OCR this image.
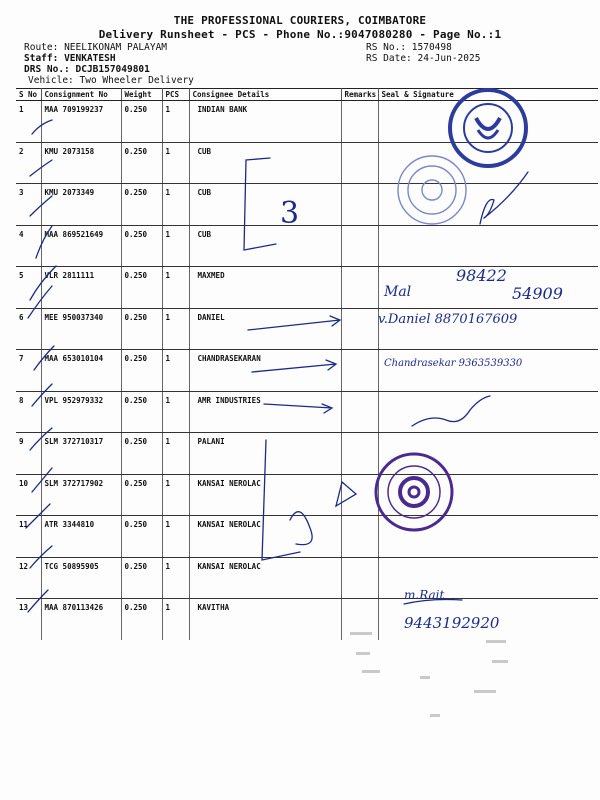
THE PROFESSIONAL COURIERS, COIMBATORE
Delivery Runsheet - PCS - Phone No.:9047080280 - Page No.:1
Route: NEELIKONAM PALAYAM
Staff: VENKATESH
DRS No.: DCJB157049801
Vehicle: Two Wheeler Delivery
RS No.: 1570498
RS Date: 24-Jun-2025
S No	Consignment No	Weight	PCS	Consignee Details	Remarks	Seal & Signature
1	MAA 709199237	0.250	1	INDIAN BANK		
2	KMU 2073158	0.250	1	CUB		
3	KMU 2073349	0.250	1	CUB		
4	MAA 869521649	0.250	1	CUB		
5	VLR 2811111	0.250	1	MAXMED		
6	MEE 950037340	0.250	1	DANIEL		
7	MAA 653010104	0.250	1	CHANDRASEKARAN		
8	VPL 952979332	0.250	1	AMR INDUSTRIES		
9	SLM 372710317	0.250	1	PALANI		
10	SLM 372717902	0.250	1	KANSAI NEROLAC		
11	ATR 3344810	0.250	1	KANSAI NEROLAC		
12	TCG 50895905	0.250	1	KANSAI NEROLAC		
13	MAA 870113426	0.250	1	KAVITHA		
3
Mal
98422
54909
v.Daniel 8870167609
Chandrasekar 9363539330
m.Rait
9443192920
